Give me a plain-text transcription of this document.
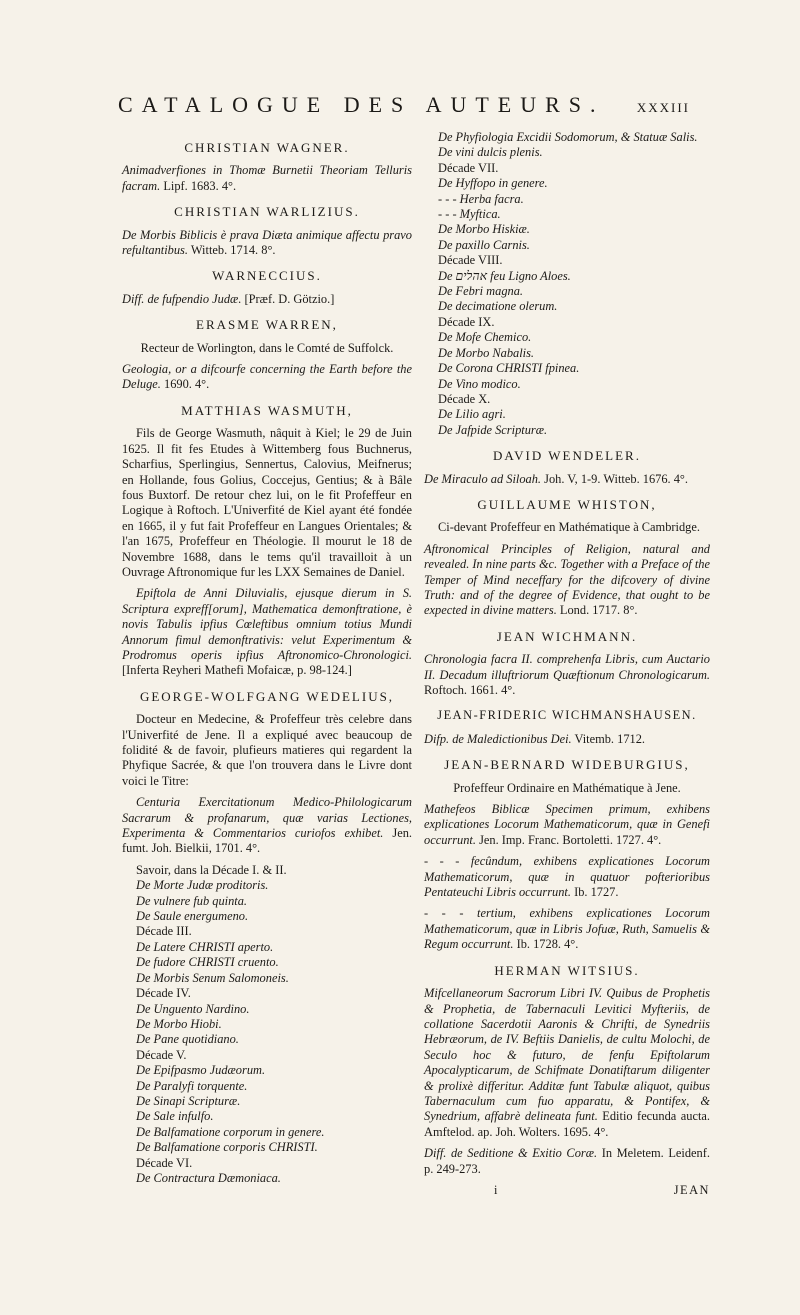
CATALOGUE DES AUTEURS. XXXIII
CHRISTIAN WAGNER.

Animadverfiones in Thomæ Burnetii Theoriam Telluris facram. Lipf. 1683. 4°.

CHRISTIAN WARLIZIUS.

De Morbis Biblicis è prava Diæta animique affectu pravo refultantibus. Witteb. 1714. 8°.

WARNECCIUS.

Diff. de fufpendio Judæ. [Præf. D. Götzio.]

ERASME WARREN,

Recteur de Worlington, dans le Comté de Suffolck.

Geologia, or a difcourfe concerning the Earth before the Deluge. 1690. 4°.

MATTHIAS WASMUTH,

Fils de George Wasmuth, nâquit à Kiel; le 29 de Juin 1625. Il fit fes Etudes à Wittemberg fous Buchnerus, Scharfius, Sperlingius, Sennertus, Calovius, Meifnerus; en Hollande, fous Golius, Coccejus, Gentius; & à Bâle fous Buxtorf. De retour chez lui, on le fit Profeffeur en Logique à Roftoch. L'Univerfité de Kiel ayant été fondée en 1665, il y fut fait Profeffeur en Langues Orientales; & l'an 1675, Profeffeur en Théologie. Il mourut le 18 de Novembre 1688, dans le tems qu'il travailloit à un Ouvrage Aftronomique fur les LXX Semaines de Daniel.

Epiftola de Anni Diluvialis, ejusque dierum in S. Scriptura expreff[orum], Mathematica demonftratione, è novis Tabulis ipfius Cœleftibus omnium totius Mundi Annorum fimul demonftrativis: velut Experimentum & Prodromus operis ipfius Aftronomico-Chronologici. [Inferta Reyheri Mathefi Mofaicæ, p. 98-124.]

GEORGE-WOLFGANG WEDELIUS,

Docteur en Medecine, & Profeffeur très celebre dans l'Univerfité de Jene. Il a expliqué avec beaucoup de folidité & de favoir, plufieurs matieres qui regardent la Phyfique Sacrée, & que l'on trouvera dans le Livre dont voici le Titre:

Centuria Exercitationum Medico-Philologicarum Sacrarum & profanarum, quæ varias Lectiones, Experimenta & Commentarios curiofos exhibet. Jen. fumt. Joh. Bielkii, 1701. 4°.

Savoir, dans la Décade I. & II.

De Morte Judæ proditoris.

De vulnere fub quinta.

De Saule energumeno.

Décade III.

De Latere CHRISTI aperto.

De fudore CHRISTI cruento.

De Morbis Senum Salomoneis.

Décade IV.

De Unguento Nardino.

De Morbo Hiobi.

De Pane quotidiano.

Décade V.

De Epifpasmo Judæorum.

De Paralyfi torquente.

De Sinapi Scripturæ.

De Sale infulfo.

De Balfamatione corporum in genere.

De Balfamatione corporis CHRISTI.

Décade VI.

De Contractura Dæmoniaca.

De Phyfiologia Excidii Sodomorum, & Statuæ Salis.

De vini dulcis plenis.

Décade VII.

De Hyffopo in genere.

- - - Herba facra.

- - - Myftica.

De Morbo Hiskiæ.

De paxillo Carnis.

Décade VIII.

De אהלים feu Ligno Aloes.

De Febri magna.

De decimatione olerum.

Décade IX.

De Mofe Chemico.

De Morbo Nabalis.

De Corona CHRISTI fpinea.

De Vino modico.

Décade X.

De Lilio agri.

De Jafpide Scripturæ.

DAVID WENDELER.

De Miraculo ad Siloah. Joh. V, 1-9. Witteb. 1676. 4°.

GUILLAUME WHISTON,

Ci-devant Profeffeur en Mathématique à Cambridge.

Aftronomical Principles of Religion, natural and revealed. In nine parts &c. Together with a Preface of the Temper of Mind neceffary for the difcovery of divine Truth: and of the degree of Evidence, that ought to be expected in divine matters. Lond. 1717. 8°.

JEAN WICHMANN.

Chronologia facra II. comprehenfa Libris, cum Auctario II. Decadum illuftriorum Quæftionum Chronologicarum. Roftoch. 1661. 4°.

JEAN-FRIDERIC WICHMANSHAUSEN.

Difp. de Maledictionibus Dei. Vitemb. 1712.

JEAN-BERNARD WIDEBURGIUS,

Profeffeur Ordinaire en Mathématique à Jene.

Mathefeos Biblicæ Specimen primum, exhibens explicationes Locorum Mathematicorum, quæ in Genefi occurrunt. Jen. Imp. Franc. Bortoletti. 1727. 4°.

- - - fecûndum, exhibens explicationes Locorum Mathematicorum, quæ in quatuor pofterioribus Pentateuchi Libris occurrunt. Ib. 1727.

- - - tertium, exhibens explicationes Locorum Mathematicorum, quæ in Libris Jofuæ, Ruth, Samuelis & Regum occurrunt. Ib. 1728. 4°.

HERMAN WITSIUS.

Mifcellaneorum Sacrorum Libri IV. Quibus de Prophetis & Prophetia, de Tabernaculi Levitici Myfteriis, de collatione Sacerdotii Aaronis & Chrifti, de Synedriis Hebræorum, de IV. Beftiis Danielis, de cultu Molochi, de Seculo hoc & futuro, de fenfu Epiftolarum Apocalypticarum, de Schifmate Donatiftarum diligenter & prolixè differitur. Additæ funt Tabulæ aliquot, quibus Tabernaculum cum fuo apparatu, & Pontifex, & Synedrium, affabrè delineata funt. Editio fecunda aucta. Amftelod. ap. Joh. Wolters. 1695. 4°.

Diff. de Seditione & Exitio Coræ. In Meletem. Leidenf. p. 249-273.

i	JEAN
